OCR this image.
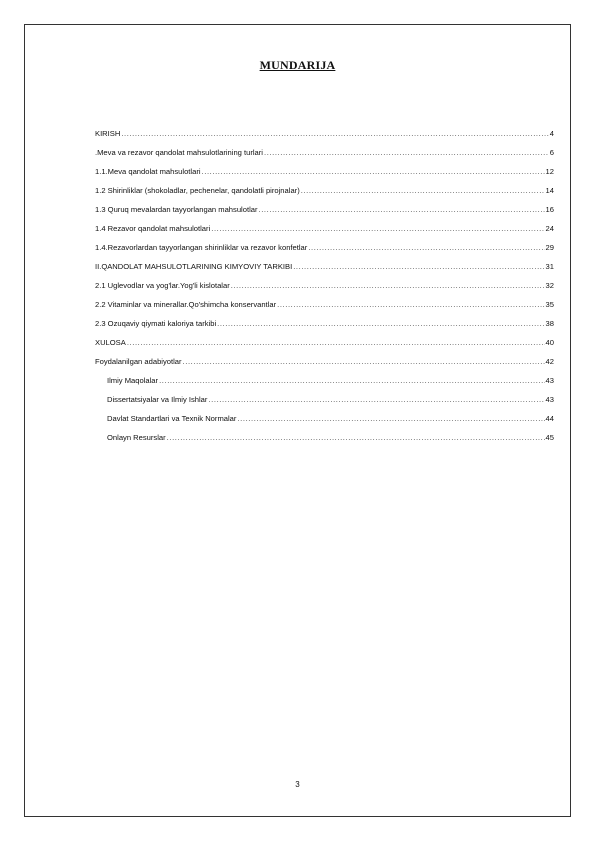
MUNDARIJA
KIRISH .....	4
.Meva va rezavor qandolat mahsulotlarining turlari .....	6
1.1.Meva qandolat mahsulotlari .....	12
1.2 Shirinliklar (shokoladlar, pechenelar, qandolatli pirojnalar) .....	14
1.3 Quruq mevalardan tayyorlangan mahsulotlar .....	16
1.4 Rezavor qandolat mahsulotlari .....	24
1.4.Rezavorlardan tayyorlangan shirinliklar va rezavor konfetlar .....	29
II.QANDOLAT MAHSULOTLARINING KIMYOVIY TARKIBI .....	31
2.1 Uglevodlar va yog'lar.Yog'li kislotalar .....	32
2.2 Vitaminlar va minerallar.Qo'shimcha konservantlar .....	35
2.3 Ozuqaviy qiymati kaloriya tarkibi .....	38
XULOSA .....	40
Foydalanilgan adabiyotlar .....	42
Ilmiy Maqolalar .....	43
Dissertatsiyalar va Ilmiy Ishlar .....	43
Davlat Standartlari va Texnik Normalar .....	44
Onlayn Resurslar .....	45
3
